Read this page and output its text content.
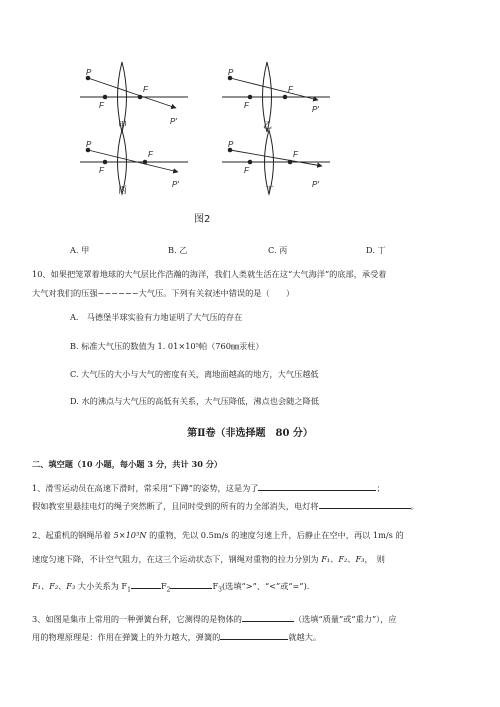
P
F
F
P′
甲
P
F
F
P′
乙
P
F
F
P′
丙
P
F
F
P′
丁
图2
A. 甲	B. 乙	C. 丙	D. 丁
10、如果把笼罩着地球的大气层比作浩瀚的海洋，我们人类就生活在这“大气海洋”的底部，承受着
大气对我们的压强−−−−−−大气压。下列有关叙述中错误的是（　　）
A.　马德堡半球实验有力地证明了大气压的存在
B. 标准大气压的数值为 1. 01×10⁵帕（760㎜汞柱）
C. 大气压的大小与大气的密度有关，离地面越高的地方，大气压越低
D. 水的沸点与大气压的高低有关系，大气压降低，沸点也会随之降低
第Ⅱ卷（非选择题　80 分）
二、填空题（10 小题，每小题 3 分，共计 30 分）
1、滑雪运动员在高速下滑时，常采用“下蹲”的姿势，这是为了	；
假如教室里悬挂电灯的绳子突然断了，且同时受到的所有的力全部消失，电灯将	。
2、起重机的钢绳吊着 5×10³N 的重物，先以 0.5m/s 的速度匀速上升，后静止在空中，再以 1m/s 的
速度匀速下降，不计空气阻力，在这三个运动状态下，钢绳对重物的拉力分别为 F₁、F₂、F₃，　则
F₁、F₂、F₃ 大小关系为 $F_1$	$F_2$	$F_3$(选填“>”、“<”或“=”)．
3、如图是集市上常用的一种弹簧台秤，它测得的是物体的	（选填“质量”或“重力”），应
用的物理原理是：作用在弹簧上的外力越大，弹簧的	就越大。
